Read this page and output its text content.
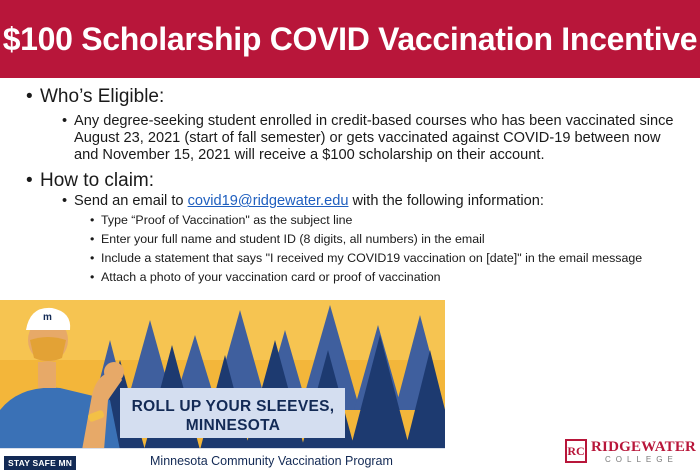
$100 Scholarship COVID Vaccination Incentive
• Who’s Eligible:
• Any degree-seeking student enrolled in credit-based courses who has been vaccinated since August 23, 2021 (start of fall semester) or gets vaccinated against COVID-19 between now and November 15, 2021 will receive a $100 scholarship on their account.
• How to claim:
• Send an email to covid19@ridgewater.edu with the following information:
• Type “Proof of Vaccination" as the subject line
• Enter your full name and student ID (8 digits, all numbers) in the email
• Include a statement that says "I received my COVID19 vaccination on [date]" in the email message
• Attach a photo of your vaccination card or proof of vaccination
m
ROLL UP YOUR SLEEVES,
MINNESOTA
STAY SAFE MN	Minnesota Community Vaccination Program
RC RIDGEWATER
COLLEGE
